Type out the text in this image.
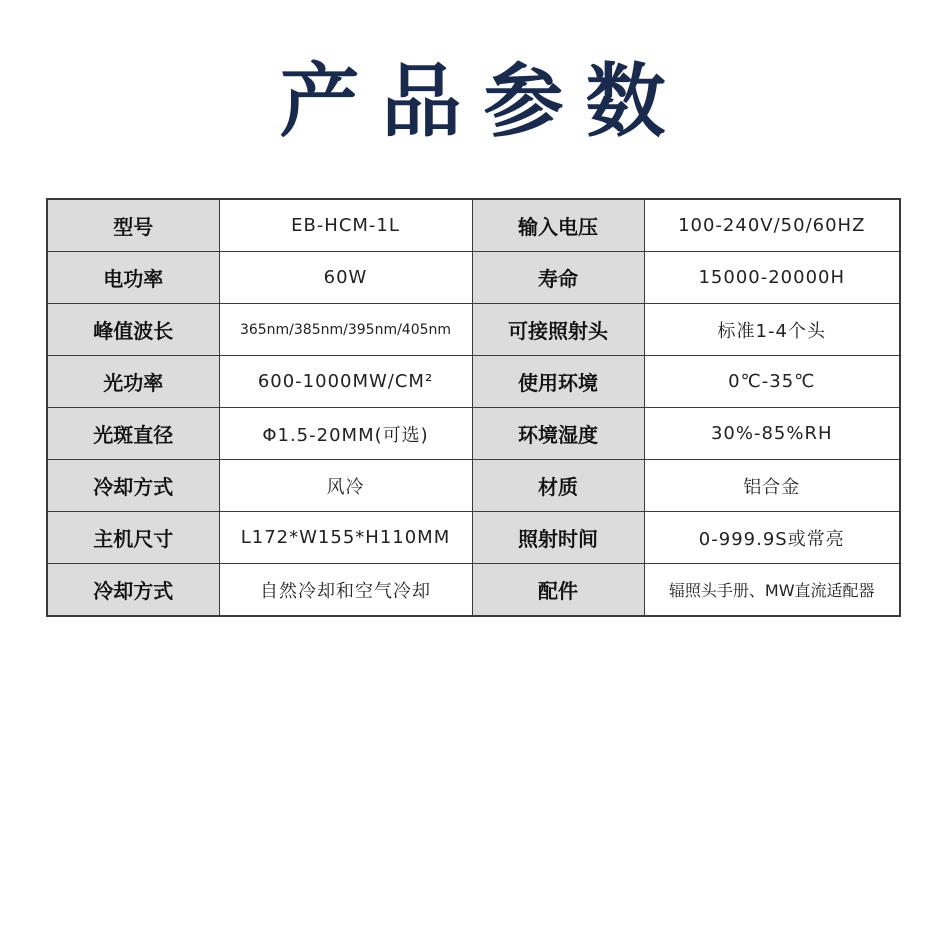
产品参数
型号	EB-HCM-1L	输入电压	100-240V/50/60HZ
电功率	60W	寿命	15000-20000H
峰值波长	365nm/385nm/395nm/405nm	可接照射头	标准1-4个头
光功率	600-1000MW/CM²	使用环境	0℃-35℃
光斑直径	Φ1.5-20MM(可选)	环境湿度	30%-85%RH
冷却方式	风冷	材质	铝合金
主机尺寸	L172*W155*H110MM	照射时间	0-999.9S或常亮
冷却方式	自然冷却和空气冷却	配件	辐照头手册、MW直流适配器
